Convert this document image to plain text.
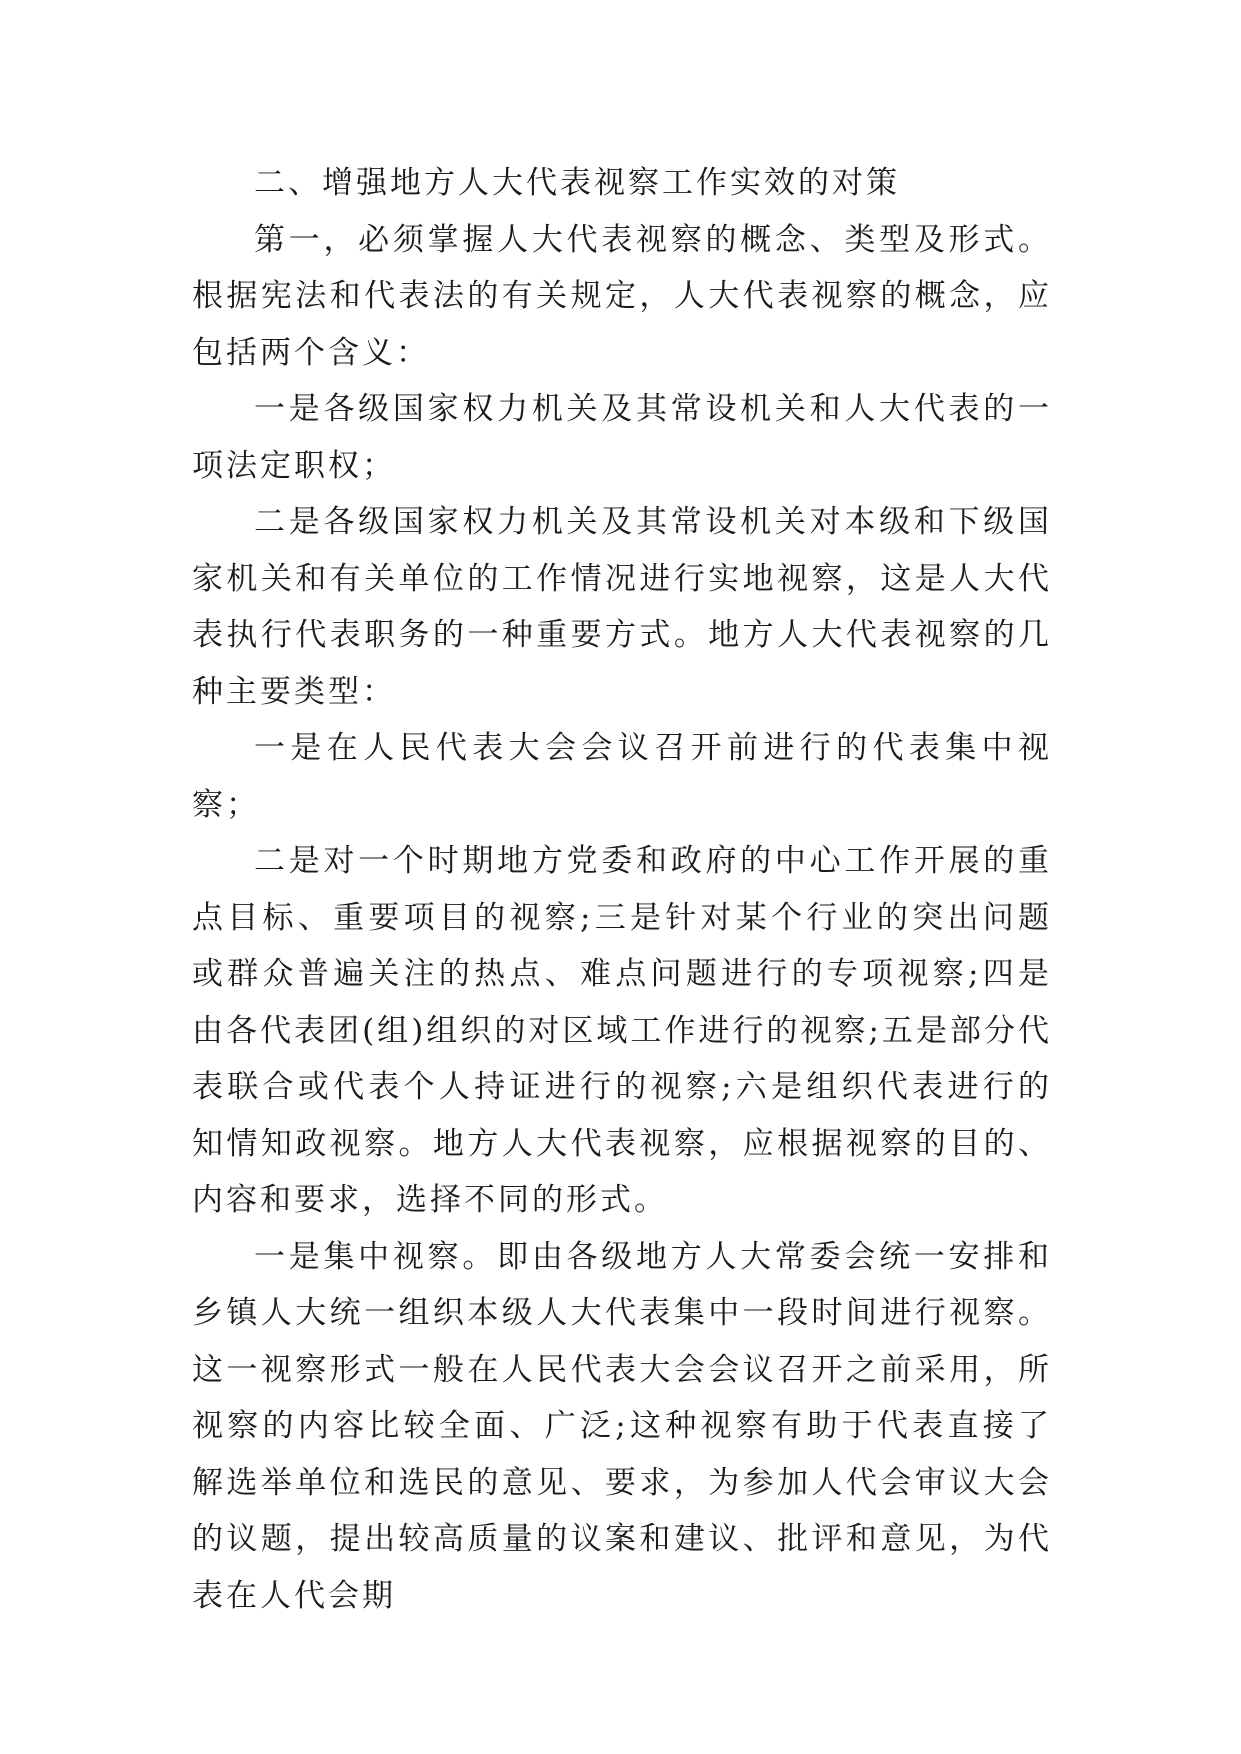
二、增强地方人大代表视察工作实效的对策

第一，必须掌握人大代表视察的概念、类型及形式。根据宪法和代表法的有关规定，人大代表视察的概念，应包括两个含义：

一是各级国家权力机关及其常设机关和人大代表的一项法定职权；

二是各级国家权力机关及其常设机关对本级和下级国家机关和有关单位的工作情况进行实地视察，这是人大代表执行代表职务的一种重要方式。地方人大代表视察的几种主要类型：

一是在人民代表大会会议召开前进行的代表集中视察；

二是对一个时期地方党委和政府的中心工作开展的重点目标、重要项目的视察;三是针对某个行业的突出问题或群众普遍关注的热点、难点问题进行的专项视察;四是由各代表团(组)组织的对区域工作进行的视察;五是部分代表联合或代表个人持证进行的视察;六是组织代表进行的知情知政视察。地方人大代表视察，应根据视察的目的、内容和要求，选择不同的形式。

一是集中视察。即由各级地方人大常委会统一安排和乡镇人大统一组织本级人大代表集中一段时间进行视察。这一视察形式一般在人民代表大会会议召开之前采用，所视察的内容比较全面、广泛;这种视察有助于代表直接了解选举单位和选民的意见、要求，为参加人代会审议大会的议题，提出较高质量的议案和建议、批评和意见，为代表在人代会期
